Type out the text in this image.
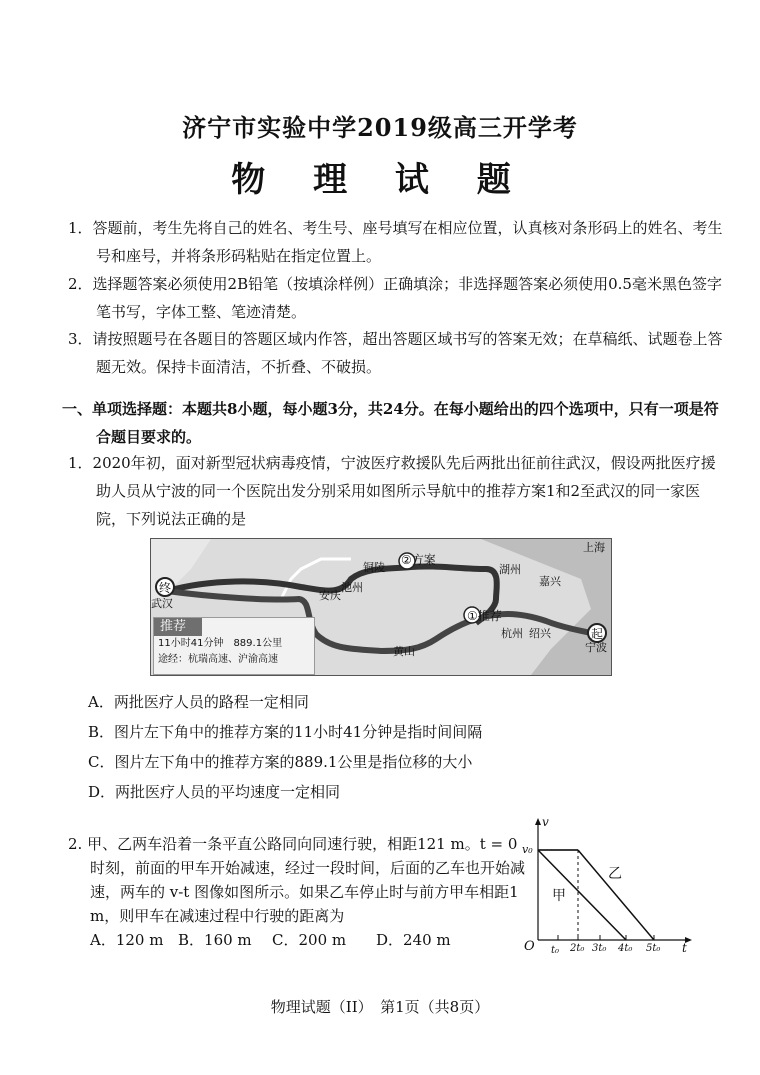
济宁市实验中学2019级高三开学考
物 理 试 题
1．答题前，考生先将自己的姓名、考生号、座号填写在相应位置，认真核对条形码上的姓名、考生号和座号，并将条形码粘贴在指定位置上。
2．选择题答案必须使用2B铅笔（按填涂样例）正确填涂；非选择题答案必须使用0.5毫米黑色签字笔书写，字体工整、笔迹清楚。
3．请按照题号在各题目的答题区域内作答，超出答题区域书写的答案无效；在草稿纸、试题卷上答题无效。保持卡面清洁，不折叠、不破损。
一、单项选择题：本题共8小题，每小题3分，共24分。在每小题给出的四个选项中，只有一项是符合题目要求的。
1．2020年初，面对新型冠状病毒疫情，宁波医疗救援队先后两批出征前往武汉，假设两批医疗援助人员从宁波的同一个医院出发分别采用如图所示导航中的推荐方案1和2至武汉的同一家医院，下列说法正确的是
终
起
武汉
安庆
池州
铜陵
②方案
①推荐
湖州
嘉兴
上海
杭州 绍兴
宁波
黄山
推荐
11小时41分钟　889.1公里
途经：杭瑞高速、沪渝高速
A．两批医疗人员的路程一定相同
B．图片左下角中的推荐方案的11小时41分钟是指时间间隔
C．图片左下角中的推荐方案的889.1公里是指位移的大小
D．两批医疗人员的平均速度一定相同
2. 甲、乙两车沿着一条平直公路同向同速行驶，相距121 m。t = 0时刻，前面的甲车开始减速，经过一段时间，后面的乙车也开始减速，两车的 v-t 图像如图所示。如果乙车停止时与前方甲车相距1 m，则甲车在减速过程中行驶的距离为
A．120 m B．160 m C．200 m D．240 m
v
t
O
v₀
t₀ 2t₀ 3t₀ 4t₀ 5t₀
甲
乙
物理试题（II）　第1页（共8页）
